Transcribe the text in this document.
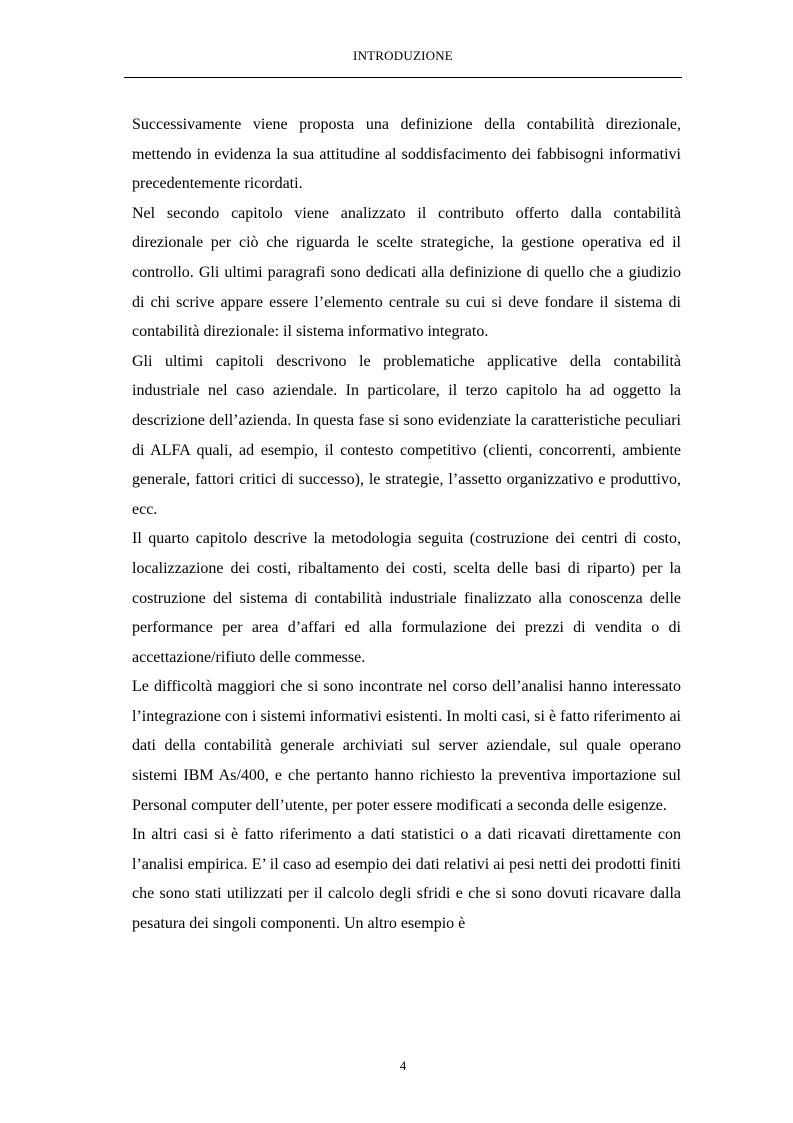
INTRODUZIONE

Successivamente viene proposta una definizione della contabilità direzionale, mettendo in evidenza la sua attitudine al soddisfacimento dei fabbisogni informativi precedentemente ricordati.

Nel secondo capitolo viene analizzato il contributo offerto dalla contabilità direzionale per ciò che riguarda le scelte strategiche, la gestione operativa ed il controllo. Gli ultimi paragrafi sono dedicati alla definizione di quello che a giudizio di chi scrive appare essere l’elemento centrale su cui si deve fondare il sistema di contabilità direzionale: il sistema informativo integrato.

Gli ultimi capitoli descrivono le problematiche applicative della contabilità industriale nel caso aziendale. In particolare, il terzo capitolo ha ad oggetto la descrizione dell’azienda. In questa fase si sono evidenziate la caratteristiche peculiari di ALFA quali, ad esempio, il contesto competitivo (clienti, concorrenti, ambiente generale, fattori critici di successo), le strategie, l’assetto organizzativo e produttivo, ecc.

Il quarto capitolo descrive la metodologia seguita (costruzione dei centri di costo, localizzazione dei costi, ribaltamento dei costi, scelta delle basi di riparto) per la costruzione del sistema di contabilità industriale finalizzato alla conoscenza delle performance per area d’affari ed alla formulazione dei prezzi di vendita o di accettazione/rifiuto delle commesse.

Le difficoltà maggiori che si sono incontrate nel corso dell’analisi hanno interessato l’integrazione con i sistemi informativi esistenti. In molti casi, si è fatto riferimento ai dati della contabilità generale archiviati sul server aziendale, sul quale operano sistemi IBM As/400, e che pertanto hanno richiesto la preventiva importazione sul Personal computer dell’utente, per poter essere modificati a seconda delle esigenze.

In altri casi si è fatto riferimento a dati statistici o a dati ricavati direttamente con l’analisi empirica. E’ il caso ad esempio dei dati relativi ai pesi netti dei prodotti finiti che sono stati utilizzati per il calcolo degli sfridi e che si sono dovuti ricavare dalla pesatura dei singoli componenti. Un altro esempio è

4
